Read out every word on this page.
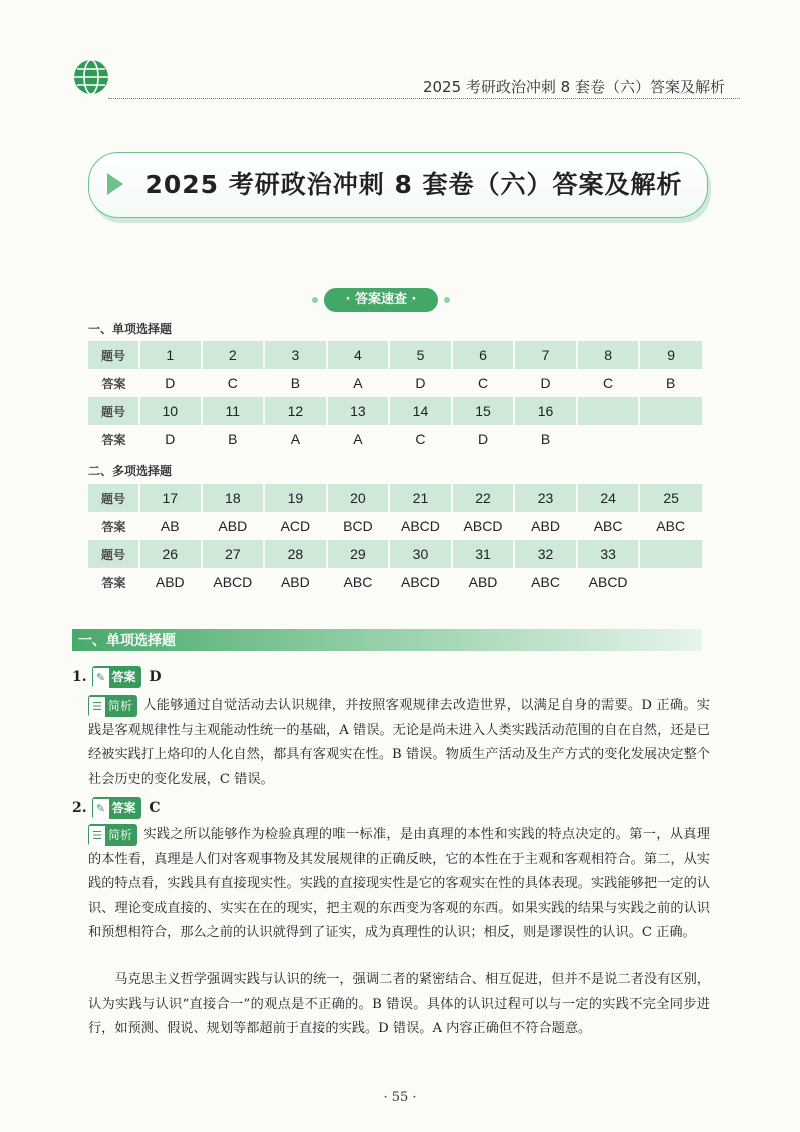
2025 考研政治冲刺 8 套卷（六）答案及解析
2025 考研政治冲刺 8 套卷（六）答案及解析
· 答案速查 ·
一、单项选择题
题号	1	2	3	4	5	6	7	8	9
答案	D	C	B	A	D	C	D	C	B
题号	10	11	12	13	14	15	16		
答案	D	B	A	A	C	D	B		
二、多项选择题
题号	17	18	19	20	21	22	23	24	25
答案	AB	ABD	ACD	BCD	ABCD	ABCD	ABD	ABC	ABC
题号	26	27	28	29	30	31	32	33	
答案	ABD	ABCD	ABD	ABC	ABCD	ABD	ABC	ABCD	
一、单项选择题
1. ✎ 答案 D
☰ 简析 人能够通过自觉活动去认识规律，并按照客观规律去改造世界，以满足自身的需要。D 正确。实践是客观规律性与主观能动性统一的基础，A 错误。无论是尚未进入人类实践活动范围的自在自然，还是已经被实践打上烙印的人化自然，都具有客观实在性。B 错误。物质生产活动及生产方式的变化发展决定整个社会历史的变化发展，C 错误。
2. ✎ 答案 C
☰ 简析 实践之所以能够作为检验真理的唯一标准，是由真理的本性和实践的特点决定的。第一，从真理的本性看，真理是人们对客观事物及其发展规律的正确反映，它的本性在于主观和客观相符合。第二，从实践的特点看，实践具有直接现实性。实践的直接现实性是它的客观实在性的具体表现。实践能够把一定的认识、理论变成直接的、实实在在的现实，把主观的东西变为客观的东西。如果实践的结果与实践之前的认识和预想相符合，那么之前的认识就得到了证实，成为真理性的认识；相反，则是谬误性的认识。C 正确。
马克思主义哲学强调实践与认识的统一，强调二者的紧密结合、相互促进，但并不是说二者没有区别，认为实践与认识“直接合一”的观点是不正确的。B 错误。具体的认识过程可以与一定的实践不完全同步进行，如预测、假说、规划等都超前于直接的实践。D 错误。A 内容正确但不符合题意。
· 55 ·
